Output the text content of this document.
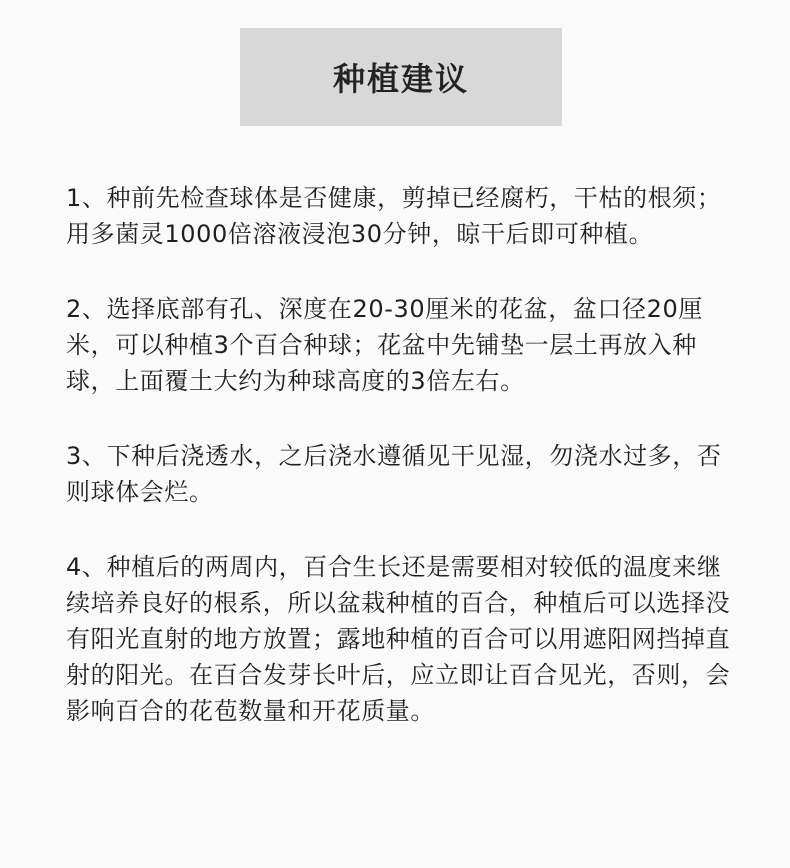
种植建议

1、种前先检查球体是否健康，剪掉已经腐朽，干枯的根须；用多菌灵1000倍溶液浸泡30分钟，晾干后即可种植。

2、选择底部有孔、深度在20-30厘米的花盆，盆口径20厘米，可以种植3个百合种球；花盆中先铺垫一层土再放入种球，上面覆土大约为种球高度的3倍左右。

3、下种后浇透水，之后浇水遵循见干见湿，勿浇水过多，否则球体会烂。

4、种植后的两周内，百合生长还是需要相对较低的温度来继续培养良好的根系，所以盆栽种植的百合，种植后可以选择没有阳光直射的地方放置；露地种植的百合可以用遮阳网挡掉直射的阳光。在百合发芽长叶后，应立即让百合见光，否则，会影响百合的花苞数量和开花质量。
